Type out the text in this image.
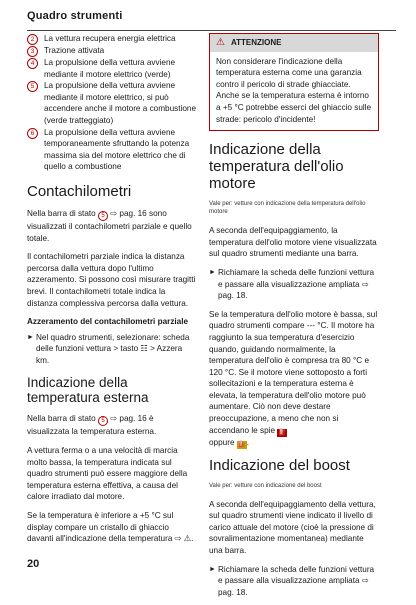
Quadro strumenti
2	La vettura recupera energia elettrica
3	Trazione attivata
4	La propulsione della vettura avviene mediante il motore elettrico (verde)
5	La propulsione della vettura avviene mediante il motore elettrico, si può accendere anche il motore a combustione (verde tratteggiato)
6	La propulsione della vettura avviene temporaneamente sfruttando la potenza massima sia del motore elettrico che di quello a combustione
Contachilometri

Nella barra di stato 5 ⇨ pag. 16 sono visualizzati il contachilometri parziale e quello totale.

Il contachilometri parziale indica la distanza percorsa dalla vettura dopo l'ultimo azzeramento. Si possono così misurare tragitti brevi. Il contachilometri totale indica la distanza complessiva percorsa dalla vettura.

Azzeramento del contachilometri parziale
► Nel quadro strumenti, selezionare: scheda delle funzioni vettura > tasto ☷ > Azzera km.
Indicazione della temperatura esterna

Nella barra di stato 5 ⇨ pag. 16 è visualizzata la temperatura esterna.

A vettura ferma o a una velocità di marcia molto bassa, la temperatura indicata sul quadro strumenti può essere maggiore della temperatura esterna effettiva, a causa del calore irradiato dal motore.

Se la temperatura è inferiore a +5 °C sul display compare un cristallo di ghiaccio davanti all'indicazione della temperatura ⇨ ⚠.

⚠ ATTENZIONE
Non considerare l'indicazione della temperatura esterna come una garanzia contro il pericolo di strade ghiacciate. Anche se la temperatura esterna è intorno a +5 °C potrebbe esserci del ghiaccio sulle strade: pericolo d'incidente!
Indicazione della temperatura dell'olio motore
Vale per: vetture con indicazione della temperatura dell'olio motore

A seconda dell'equipaggiamento, la temperatura dell'olio motore viene visualizzata sul quadro strumenti mediante una barra.

► Richiamare la scheda delle funzioni vettura e passare alla visualizzazione ampliata ⇨ pag. 18.

Se la temperatura dell'olio motore è bassa, sul quadro strumenti compare --- °C. Il motore ha raggiunto la sua temperatura d'esercizio quando, guidando normalmente, la temperatura dell'olio è compresa tra 80 °C e 120 °C. Se il motore viene sottoposto a forti sollecitazioni e la temperatura esterna è elevata, la temperatura dell'olio motore può aumentare. Ciò non deve destare preoccupazione, a meno che non si accendano le spie ⛽
oppure ⛽.

Indicazione del boost
Vale per: vetture con indicazione del boost

A seconda dell'equipaggiamento della vettura, sul quadro strumenti viene indicato il livello di carico attuale del motore (cioè la pressione di sovralimentazione momentanea) mediante una barra.

► Richiamare la scheda delle funzioni vettura e passare alla visualizzazione ampliata ⇨ pag. 18.
20
